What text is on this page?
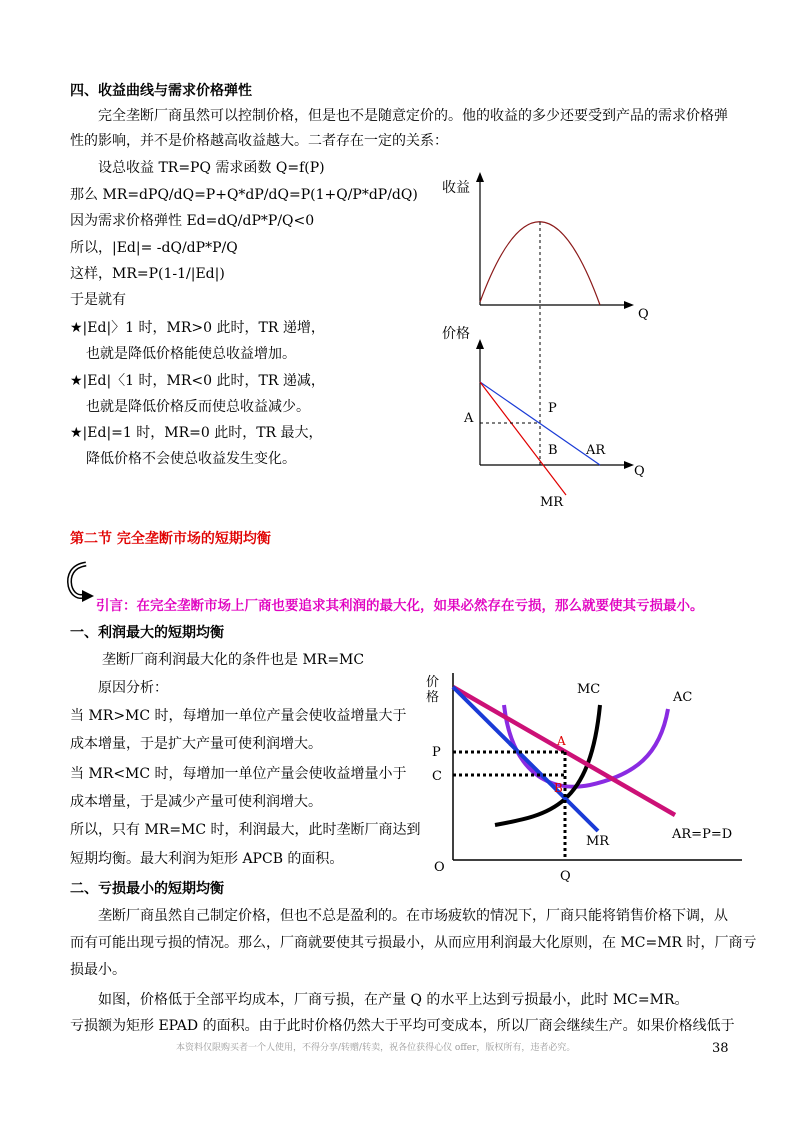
四、收益曲线与需求价格弹性
完全垄断厂商虽然可以控制价格，但是也不是随意定价的。他的收益的多少还要受到产品的需求价格弹
性的影响，并不是价格越高收益越大。二者存在一定的关系：
设总收益 TR=PQ 需求函数 Q=f(P)
那么 MR=dPQ/dQ=P+Q*dP/dQ=P(1+Q/P*dP/dQ)
因为需求价格弹性 Ed=dQ/dP*P/Q<0
所以，|Ed|= -dQ/dP*P/Q
这样，MR=P(1-1/|Ed|)
于是就有
★|Ed|〉1 时，MR>0 此时，TR 递增，
也就是降低价格能使总收益增加。
★|Ed|〈1 时，MR<0 此时，TR 递减，
也就是降低价格反而使总收益减少。
★|Ed|=1 时，MR=0 此时，TR 最大，
降低价格不会使总收益发生变化。
收益
Q
价格
Q
P
A
B AR
MR
第二节 完全垄断市场的短期均衡
引言：在完全垄断市场上厂商也要追求其利润的最大化，如果必然存在亏损，那么就要使其亏损最小。
一、利润最大的短期均衡
垄断厂商利润最大化的条件也是 MR=MC
原因分析：
当 MR>MC 时，每增加一单位产量会使收益增量大于
成本增量，于是扩大产量可使利润增大。
当 MR<MC 时，每增加一单位产量会使收益增量小于
成本增量，于是减少产量可使利润增大。
所以，只有 MR=MC 时，利润最大，此时垄断厂商达到
短期均衡。最大利润为矩形 APCB 的面积。
价
格
O
MC
AC
P
C
A
B
MR	AR=P=D
Q
二、亏损最小的短期均衡
垄断厂商虽然自己制定价格，但也不总是盈利的。在市场疲软的情况下，厂商只能将销售价格下调，从
而有可能出现亏损的情况。那么，厂商就要使其亏损最小，从而应用利润最大化原则，在 MC=MR 时，厂商亏
损最小。
如图，价格低于全部平均成本，厂商亏损，在产量 Q 的水平上达到亏损最小，此时 MC=MR。
亏损额为矩形 EPAD 的面积。由于此时价格仍然大于平均可变成本，所以厂商会继续生产。如果价格线低于
本资料仅限购买者一个人使用，不得分享/转赠/转卖，祝各位获得心仪 offer，版权所有，违者必究。	38
